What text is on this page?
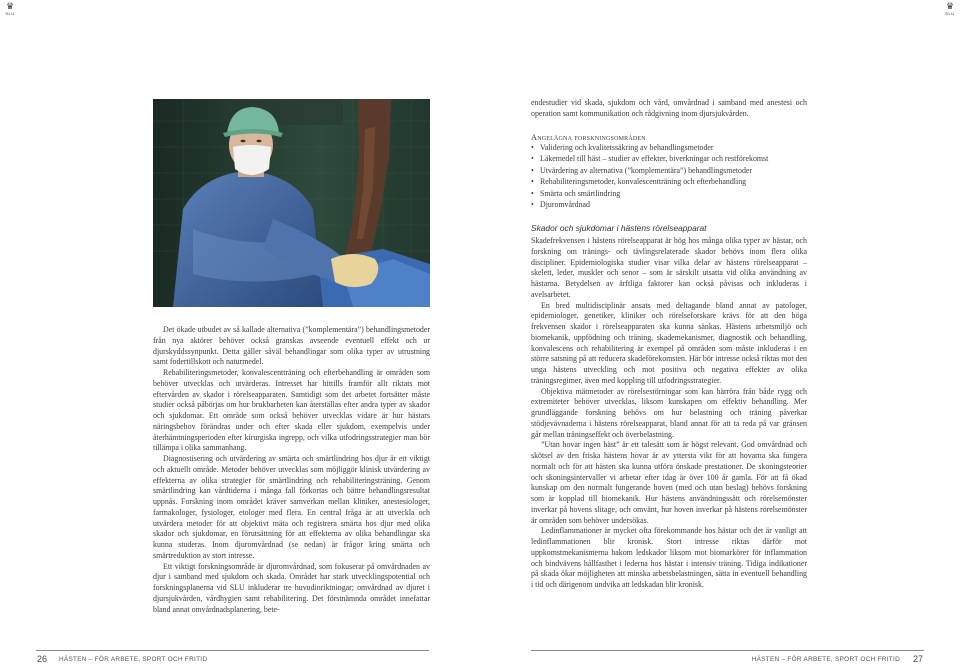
♛
SLU
♛
SLU

Det ökade utbudet av så kallade alternativa (”komplementära”) behandlingsmetoder från nya aktörer behöver också granskas avseende eventuell effekt och ur djurskyddssynpunkt. Detta gäller såväl behandlingar som olika typer av utrustning samt fodertillskott och naturmedel.

Rehabiliteringsmetoder, konvalescentträning och efterbehandling är områden som behöver utvecklas och utvärderas. Intresset har hittills framför allt riktats mot eftervården av skador i rörelseapparaten. Samtidigt som det arbetet fortsätter måste studier också påbörjas om hur brukbarheten kan återställas efter andra typer av skador och sjukdomar. Ett område som också behöver utvecklas vidare är hur hästars näringsbehov förändras under och efter skada eller sjukdom, exempelvis under återhämtningsperioden efter kirurgiska ingrepp, och vilka utfodringsstrategier man bör tillämpa i olika sammanhang.

Diagnostisering och utvärdering av smärta och smärtlindring hos djur är ett viktigt och aktuellt område. Metoder behöver utvecklas som möjliggör klinisk utvärdering av effekterna av olika strategier för smärtlindring och rehabiliteringsträning. Genom smärtlindring kan vårdtiderna i många fall förkortas och bättre behandlingsresultat uppnås. Forskning inom området kräver samverkan mellan kliniker, anestesiologer, farmakologer, fysiologer, etologer med flera. En central fråga är att utveckla och utvärdera metoder för att objektivt mäta och registrera smärta hos djur med olika skador och sjukdomar, en förutsättning för att effekterna av olika behandlingar ska kunna studeras. Inom djuromvårdnad (se nedan) är frågor kring smärta och smärtreduktion av stort intresse.

Ett viktigt forskningsområde är djuromvårdnad, som fokuserar på omvårdnaden av djur i samband med sjukdom och skada. Området har stark utvecklingspotential och forskningsplanerna vid SLU inkluderar tre huvudinriktningar; omvårdnad av djuret i djursjukvården, vårdhygien samt rehabilitering. Det förstnämnda området innefattar bland annat omvårdnadsplanering, bete-

endestudier vid skada, sjukdom och vård, omvårdnad i samband med anestesi och operation samt kommunikation och rådgivning inom djursjukvården.

Angelägna forskningsområden
• Validering och kvalitetssäkring av behandlingsmetoder
• Läkemedel till häst – studier av effekter, biverkningar och restförekomst
• Utvärdering av alternativa (”komplementära”) behandlingsmetoder
• Rehabiliteringsmetoder, konvalescentträning och efterbehandling
• Smärta och smärtlindring
• Djuromvårdnad
Skador och sjukdomar i hästens rörelseapparat

Skadefrekvensen i hästens rörelseapparat är hög hos många olika typer av hästar, och forskning om tränings- och tävlingsrelaterade skador behövs inom flera olika discipliner. Epidemiologiska studier visar vilka delar av hästens rörelseapparat – skelett, leder, muskler och senor – som är särskilt utsatta vid olika användning av hästarna. Betydelsen av ärftliga faktorer kan också påvisas och inkluderas i avelsarbetet.

En bred multidisciplinär ansats med deltagande bland annat av patologer, epidemiologer, genetiker, kliniker och rörelseforskare krävs för att den höga frekvensen skador i rörelseapparaten ska kunna sänkas. Hästens arbetsmiljö och biomekanik, uppfödning och träning, skademekanismer, diagnostik och behandling, konvalescens och rehabilitering är exempel på områden som måste inkluderas i en större satsning på att reducera skadeförekomsten. Här bör intresse också riktas mot den unga hästens utveckling och mot positiva och negativa effekter av olika träningsregimer, även med koppling till utfodringsstrategier.

Objektiva mätmetoder av rörelsestörningar som kan härröra från både rygg och extremiteter behöver utvecklas, liksom kunskapen om effektiv behandling. Mer grundläggande forskning behövs om hur belastning och träning påverkar stödjevävnaderna i hästens rörelseapparat, bland annat för att ta reda på var gränsen går mellan träningseffekt och överbelastning.

”Utan hovar ingen häst” är ett talesätt som är högst relevant. God omvårdnad och skötsel av den friska hästens hovar är av yttersta vikt för att hovarna ska fungera normalt och för att hästen ska kunna utföra önskade prestationer. De skoningsteorier och skoningsintervaller vi arbetar efter idag är över 100 år gamla. För att få ökad kunskap om den normalt fungerande hoven (med och utan beslag) behövs forskning som är kopplad till biomekanik. Hur hästens användningssätt och rörelsemönster inverkar på hovens slitage, och omvänt, hur hoven inverkar på hästens rörelsemönster är områden som behöver undersökas.

Ledinflammationer är mycket ofta förekommande hos hästar och det är vanligt att ledinflammationen blir kronisk. Stort intresse riktas därför mot uppkomstmekanismerna bakom ledskador liksom mot biomarkörer för inflammation och bindvävens hållfasthet i lederna hos hästar i intensiv träning. Tidiga indikationer på skada ökar möjligheten att minska arbetsbelastningen, sätta in eventuell behandling i tid och därigenom undvika att ledskadan blir kronisk.

26 HÄSTEN – FÖR ARBETE, SPORT OCH FRITID	HÄSTEN – FÖR ARBETE, SPORT OCH FRITID 27
